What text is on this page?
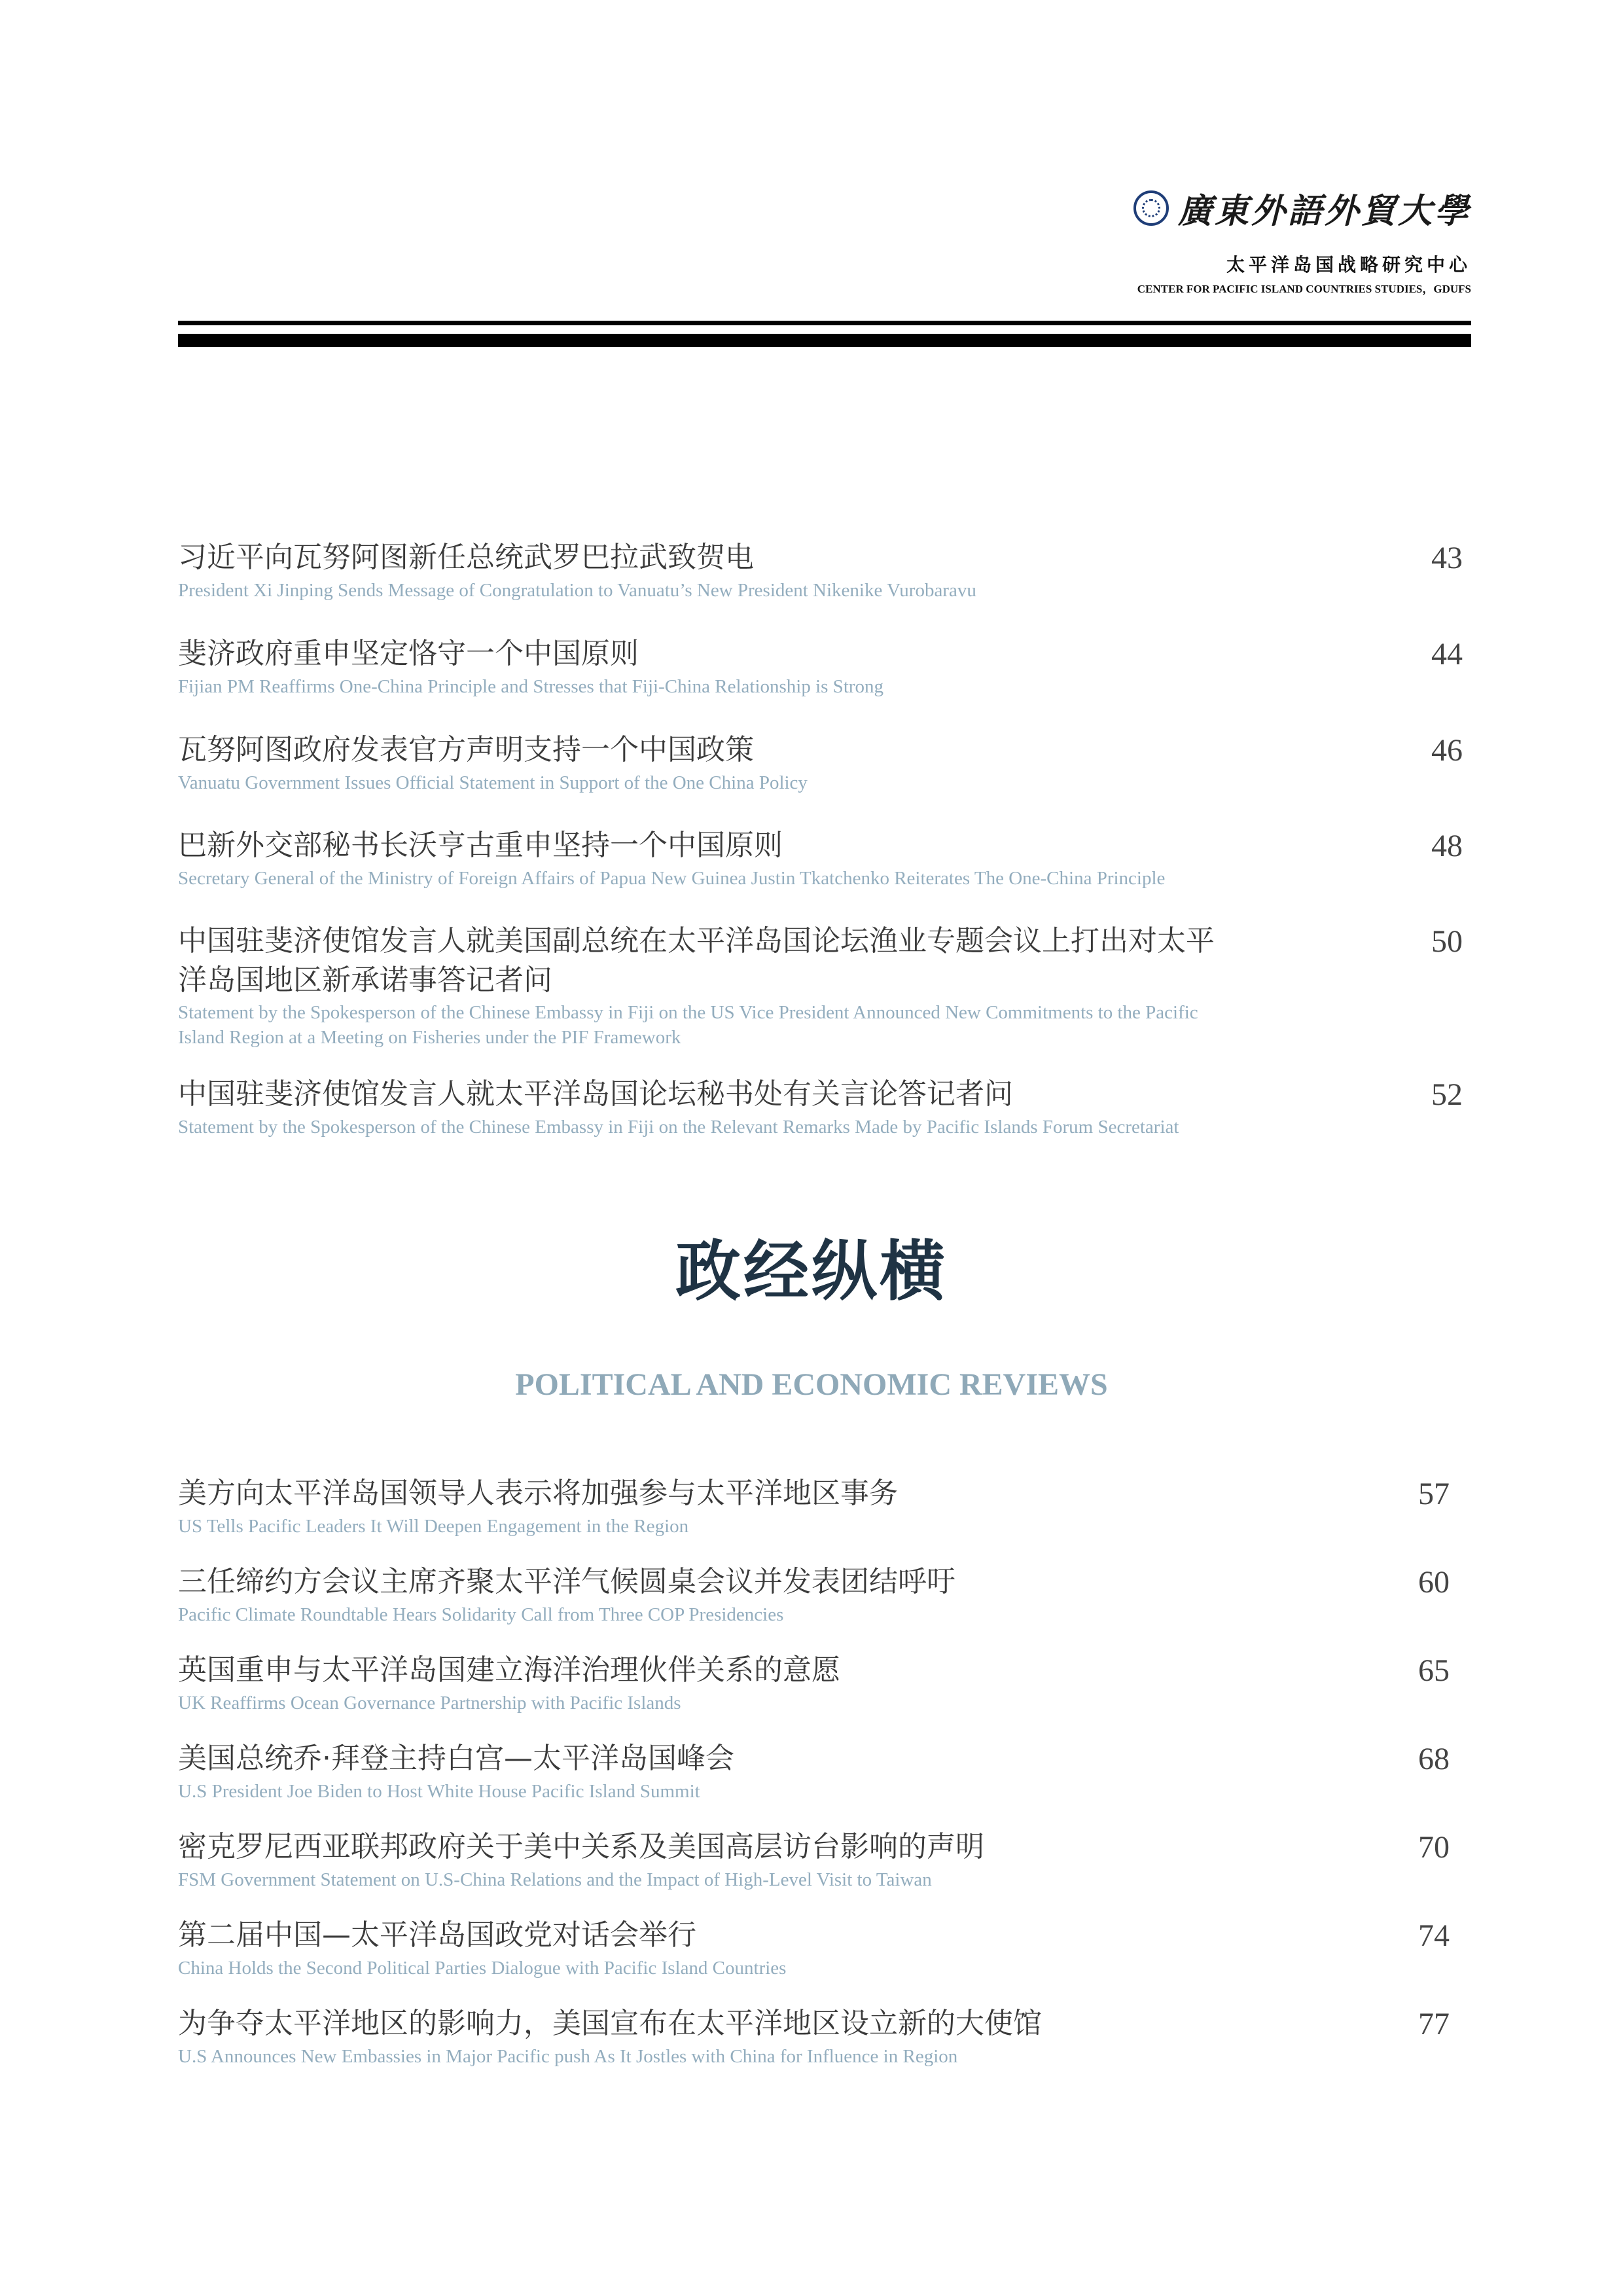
廣東外語外貿大學
太平洋岛国战略研究中心
CENTER FOR PACIFIC ISLAND COUNTRIES STUDIES，GDUFS
习近平向瓦努阿图新任总统武罗巴拉武致贺电
President Xi Jinping Sends Message of Congratulation to Vanuatu’s New President Nikenike Vurobaravu
43
斐济政府重申坚定恪守一个中国原则
Fijian PM Reaffirms One-China Principle and Stresses that Fiji-China Relationship is Strong
44
瓦努阿图政府发表官方声明支持一个中国政策
Vanuatu Government Issues Official Statement in Support of the One China Policy
46
巴新外交部秘书长沃亨古重申坚持一个中国原则
Secretary General of the Ministry of Foreign Affairs of Papua New Guinea Justin Tkatchenko Reiterates The One-China Principle
48
中国驻斐济使馆发言人就美国副总统在太平洋岛国论坛渔业专题会议上打出对太平
洋岛国地区新承诺事答记者问
Statement by the Spokesperson of the Chinese Embassy in Fiji on the US Vice President Announced New Commitments to the Pacific
Island Region at a Meeting on Fisheries under the PIF Framework
50
中国驻斐济使馆发言人就太平洋岛国论坛秘书处有关言论答记者问
Statement by the Spokesperson of the Chinese Embassy in Fiji on the Relevant Remarks Made by Pacific Islands Forum Secretariat
52
政经纵横
POLITICAL AND ECONOMIC REVIEWS
美方向太平洋岛国领导人表示将加强参与太平洋地区事务
US Tells Pacific Leaders It Will Deepen Engagement in the Region
57
三任缔约方会议主席齐聚太平洋气候圆桌会议并发表团结呼吁
Pacific Climate Roundtable Hears Solidarity Call from Three COP Presidencies
60
英国重申与太平洋岛国建立海洋治理伙伴关系的意愿
UK Reaffirms Ocean Governance Partnership with Pacific Islands
65
美国总统乔·拜登主持白宫—太平洋岛国峰会
U.S President Joe Biden to Host White House Pacific Island Summit
68
密克罗尼西亚联邦政府关于美中关系及美国高层访台影响的声明
FSM Government Statement on U.S-China Relations and the Impact of High-Level Visit to Taiwan
70
第二届中国—太平洋岛国政党对话会举行
China Holds the Second Political Parties Dialogue with Pacific Island Countries
74
为争夺太平洋地区的影响力，美国宣布在太平洋地区设立新的大使馆
U.S Announces New Embassies in Major Pacific push As It Jostles with China for Influence in Region
77
